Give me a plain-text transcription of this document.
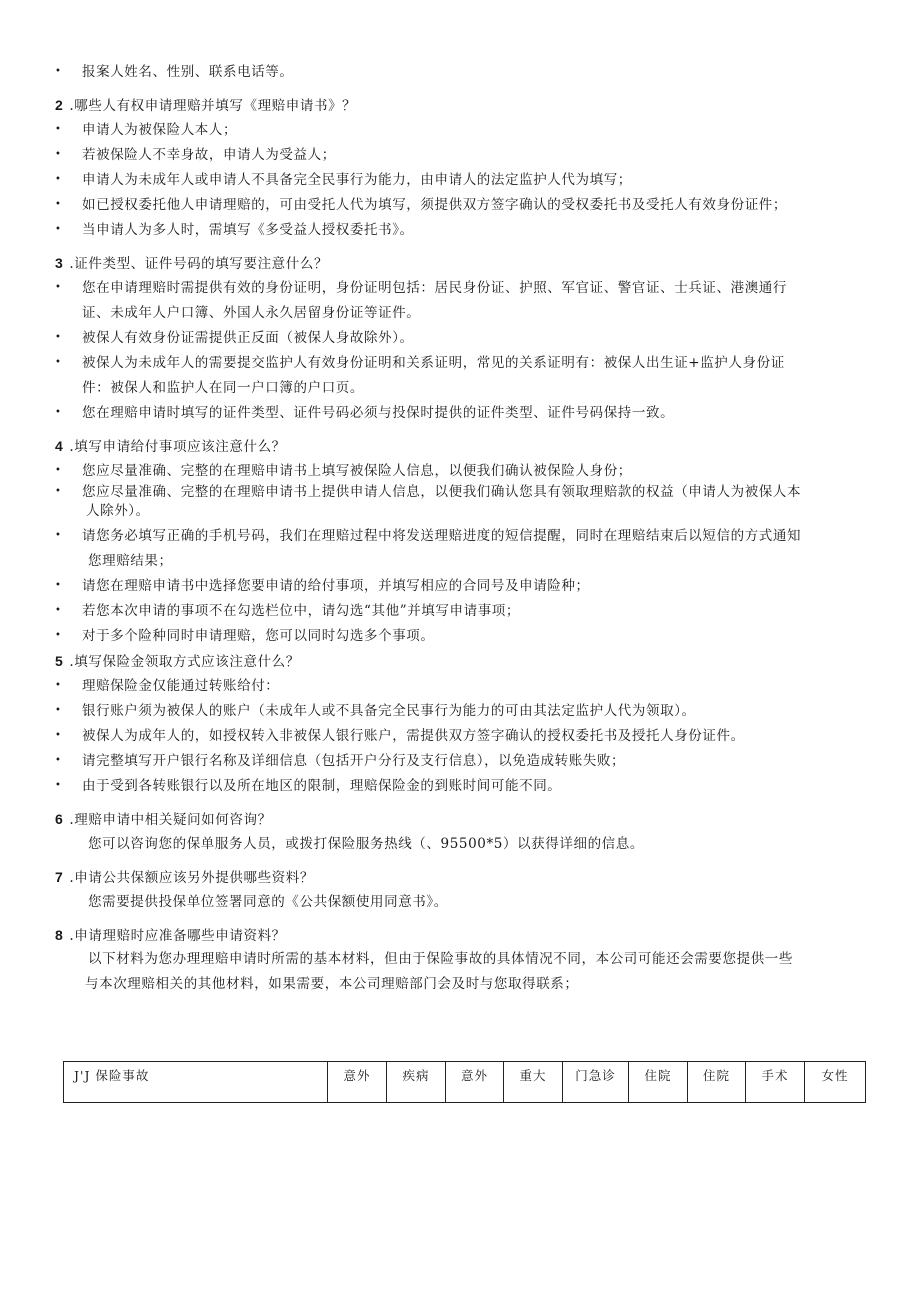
• 报案人姓名、性别、联系电话等。
2 .哪些人有权申请理赔并填写《理赔申请书》？
• 申请人为被保险人本人；
• 若被保险人不幸身故，申请人为受益人；
• 申请人为未成年人或申请人不具备完全民事行为能力，由申请人的法定监护人代为填写；
• 如已授权委托他人申请理赔的，可由受托人代为填写，须提供双方签字确认的受权委托书及受托人有效身份证件；
• 当申请人为多人时，需填写《多受益人授权委托书》。
3 .证件类型、证件号码的填写要注意什么？
• 您在申请理赔时需提供有效的身份证明，身份证明包括：居民身份证、护照、军官证、警官证、士兵证、港澳通行
证、未成年人户口簿、外国人永久居留身份证等证件。
• 被保人有效身份证需提供正反面（被保人身故除外）。
• 被保人为未成年人的需要提交监护人有效身份证明和关系证明，常见的关系证明有：被保人出生证+监护人身份证
件：被保人和监护人在同一户口簿的户口页。
• 您在理赔申请时填写的证件类型、证件号码必须与投保时提供的证件类型、证件号码保持一致。
4 .填写申请给付事项应该注意什么？
• 您应尽量准确、完整的在理赔申请书上填写被保险人信息，以便我们确认被保险人身份；
• 您应尽量准确、完整的在理赔申请书上提供申请人信息，以便我们确认您具有领取理赔款的权益（申请人为被保人本
人除外）。
• 请您务必填写正确的手机号码，我们在理赔过程中将发送理赔进度的短信提醒，同时在理赔结束后以短信的方式通知
您理赔结果；
• 请您在理赔申请书中选择您要申请的给付事项，并填写相应的合同号及申请险种；
• 若您本次申请的事项不在勾选栏位中，请勾选“其他”并填写申请事项；
• 对于多个险种同时申请理赔，您可以同时勾选多个事项。
5 .填写保险金领取方式应该注意什么？
• 理赔保险金仅能通过转账给付：
• 银行账户须为被保人的账户（未成年人或不具备完全民事行为能力的可由其法定监护人代为领取）。
• 被保人为成年人的，如授权转入非被保人银行账户，需提供双方签字确认的授权委托书及授托人身份证件。
• 请完整填写开户银行名称及详细信息（包括开户分行及支行信息），以免造成转账失败；
• 由于受到各转账银行以及所在地区的限制，理赔保险金的到账时间可能不同。
6 .理赔申请中相关疑问如何咨询？
您可以咨询您的保单服务人员，或拨打保险服务热线（、95500*5）以获得详细的信息。
7 .申请公共保额应该另外提供哪些资料？
您需要提供投保单位签署同意的《公共保额使用同意书》。
8 .申请理赔时应准备哪些申请资料？
以下材料为您办理理赔申请时所需的基本材料，但由于保险事故的具体情况不同，本公司可能还会需要您提供一些
与本次理赔相关的其他材料，如果需要，本公司理赔部门会及时与您取得联系；
J'J 保险事故	意外	疾病	意外	重大	门急诊	住院	住院	手术	女性
